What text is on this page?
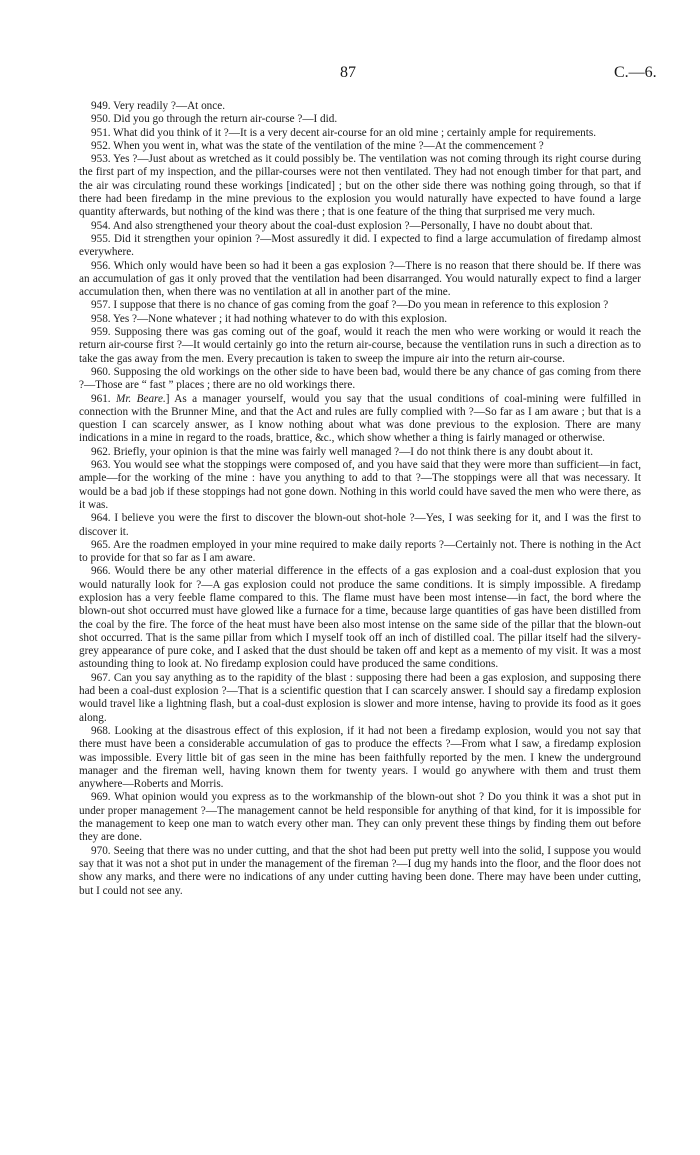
87	C.—6.

949. Very readily ?—At once.

950. Did you go through the return air-course ?—I did.

951. What did you think of it ?—It is a very decent air-course for an old mine ; certainly ample for requirements.

952. When you went in, what was the state of the ventilation of the mine ?—At the commencement ?

953. Yes ?—Just about as wretched as it could possibly be. The ventilation was not coming through its right course during the first part of my inspection, and the pillar-courses were not then ventilated. They had not enough timber for that part, and the air was circulating round these workings [indicated] ; but on the other side there was nothing going through, so that if there had been firedamp in the mine previous to the explosion you would naturally have expected to have found a large quantity afterwards, but nothing of the kind was there ; that is one feature of the thing that surprised me very much.

954. And also strengthened your theory about the coal-dust explosion ?—Personally, I have no doubt about that.

955. Did it strengthen your opinion ?—Most assuredly it did. I expected to find a large accumulation of firedamp almost everywhere.

956. Which only would have been so had it been a gas explosion ?—There is no reason that there should be. If there was an accumulation of gas it only proved that the ventilation had been disarranged. You would naturally expect to find a larger accumulation then, when there was no ventilation at all in another part of the mine.

957. I suppose that there is no chance of gas coming from the goaf ?—Do you mean in reference to this explosion ?

958. Yes ?—None whatever ; it had nothing whatever to do with this explosion.

959. Supposing there was gas coming out of the goaf, would it reach the men who were working or would it reach the return air-course first ?—It would certainly go into the return air-course, because the ventilation runs in such a direction as to take the gas away from the men. Every precaution is taken to sweep the impure air into the return air-course.

960. Supposing the old workings on the other side to have been bad, would there be any chance of gas coming from there ?—Those are “ fast ” places ; there are no old workings there.

961. Mr. Beare.] As a manager yourself, would you say that the usual conditions of coal-mining were fulfilled in connection with the Brunner Mine, and that the Act and rules are fully complied with ?—So far as I am aware ; but that is a question I can scarcely answer, as I know nothing about what was done previous to the explosion. There are many indications in a mine in regard to the roads, brattice, &c., which show whether a thing is fairly managed or otherwise.

962. Briefly, your opinion is that the mine was fairly well managed ?—I do not think there is any doubt about it.

963. You would see what the stoppings were composed of, and you have said that they were more than sufficient—in fact, ample—for the working of the mine : have you anything to add to that ?—The stoppings were all that was necessary. It would be a bad job if these stoppings had not gone down. Nothing in this world could have saved the men who were there, as it was.

964. I believe you were the first to discover the blown-out shot-hole ?—Yes, I was seeking for it, and I was the first to discover it.

965. Are the roadmen employed in your mine required to make daily reports ?—Certainly not. There is nothing in the Act to provide for that so far as I am aware.

966. Would there be any other material difference in the effects of a gas explosion and a coal-dust explosion that you would naturally look for ?—A gas explosion could not produce the same conditions. It is simply impossible. A firedamp explosion has a very feeble flame compared to this. The flame must have been most intense—in fact, the bord where the blown-out shot occurred must have glowed like a furnace for a time, because large quantities of gas have been distilled from the coal by the fire. The force of the heat must have been also most intense on the same side of the pillar that the blown-out shot occurred. That is the same pillar from which I myself took off an inch of distilled coal. The pillar itself had the silvery-grey appearance of pure coke, and I asked that the dust should be taken off and kept as a memento of my visit. It was a most astounding thing to look at. No firedamp explosion could have produced the same conditions.

967. Can you say anything as to the rapidity of the blast : supposing there had been a gas explosion, and supposing there had been a coal-dust explosion ?—That is a scientific question that I can scarcely answer. I should say a firedamp explosion would travel like a lightning flash, but a coal-dust explosion is slower and more intense, having to provide its food as it goes along.

968. Looking at the disastrous effect of this explosion, if it had not been a firedamp explosion, would you not say that there must have been a considerable accumulation of gas to produce the effects ?—From what I saw, a firedamp explosion was impossible. Every little bit of gas seen in the mine has been faithfully reported by the men. I knew the underground manager and the fireman well, having known them for twenty years. I would go anywhere with them and trust them anywhere—Roberts and Morris.

969. What opinion would you express as to the workmanship of the blown-out shot ? Do you think it was a shot put in under proper management ?—The management cannot be held responsible for anything of that kind, for it is impossible for the management to keep one man to watch every other man. They can only prevent these things by finding them out before they are done.

970. Seeing that there was no under cutting, and that the shot had been put pretty well into the solid, I suppose you would say that it was not a shot put in under the management of the fireman ?—I dug my hands into the floor, and the floor does not show any marks, and there were no indications of any under cutting having been done. There may have been under cutting, but I could not see any.
